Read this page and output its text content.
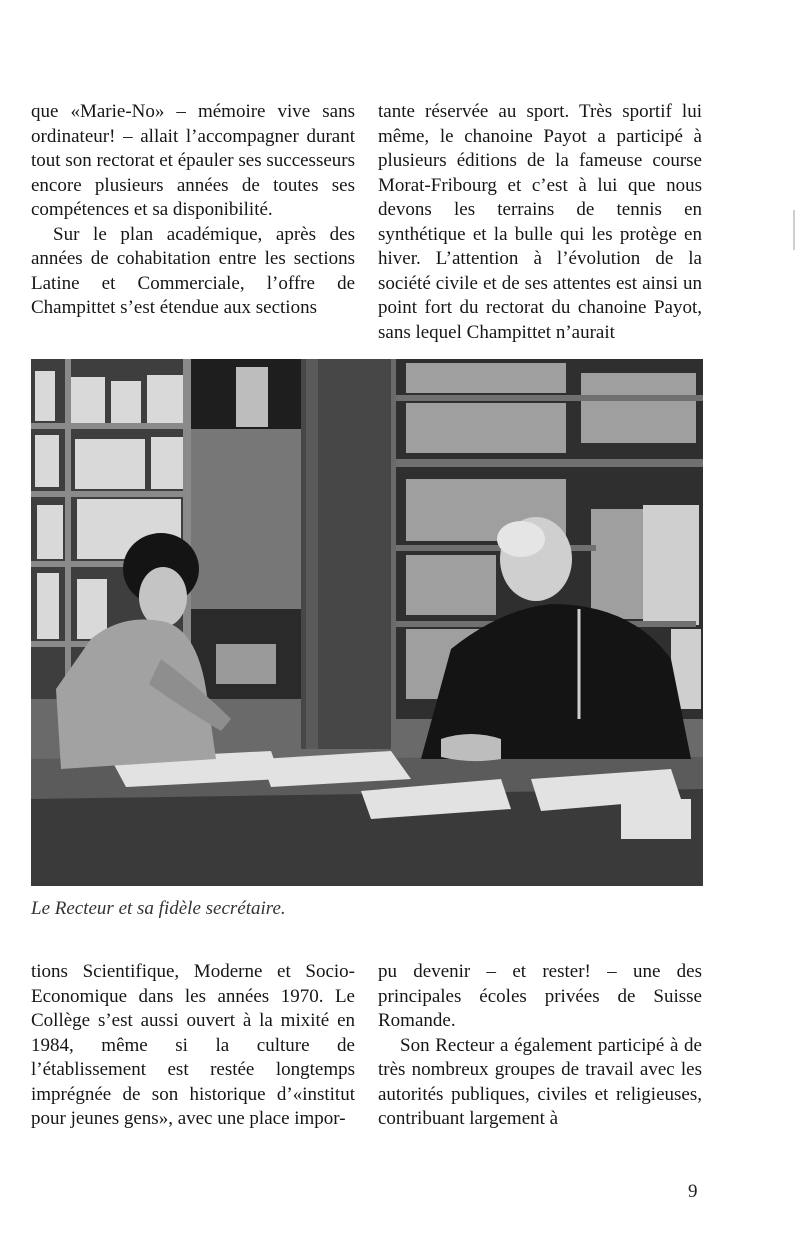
que «Marie-No» – mémoire vive sans ordinateur! – allait l’accompagner durant tout son rectorat et épauler ses successeurs encore plusieurs années de toutes ses compétences et sa disponibilité.

Sur le plan académique, après des années de cohabitation entre les sections Latine et Commerciale, l’offre de Champittet s’est étendue aux sections

tante réservée au sport. Très sportif lui même, le chanoine Payot a participé à plusieurs éditions de la fameuse course Morat-Fribourg et c’est à lui que nous devons les terrains de tennis en synthétique et la bulle qui les protège en hiver. L’attention à l’évolution de la société civile et de ses attentes est ainsi un point fort du rectorat du chanoine Payot, sans lequel Champittet n’aurait

Le Recteur et sa fidèle secrétaire.

tions Scientifique, Moderne et Socio-Economique dans les années 1970. Le Collège s’est aussi ouvert à la mixité en 1984, même si la culture de l’établissement est restée longtemps imprégnée de son historique d’«institut pour jeunes gens», avec une place impor-

pu devenir – et rester! – une des principales écoles privées de Suisse Romande.

Son Recteur a également participé à de très nombreux groupes de travail avec les autorités publiques, civiles et religieuses, contribuant largement à

9
